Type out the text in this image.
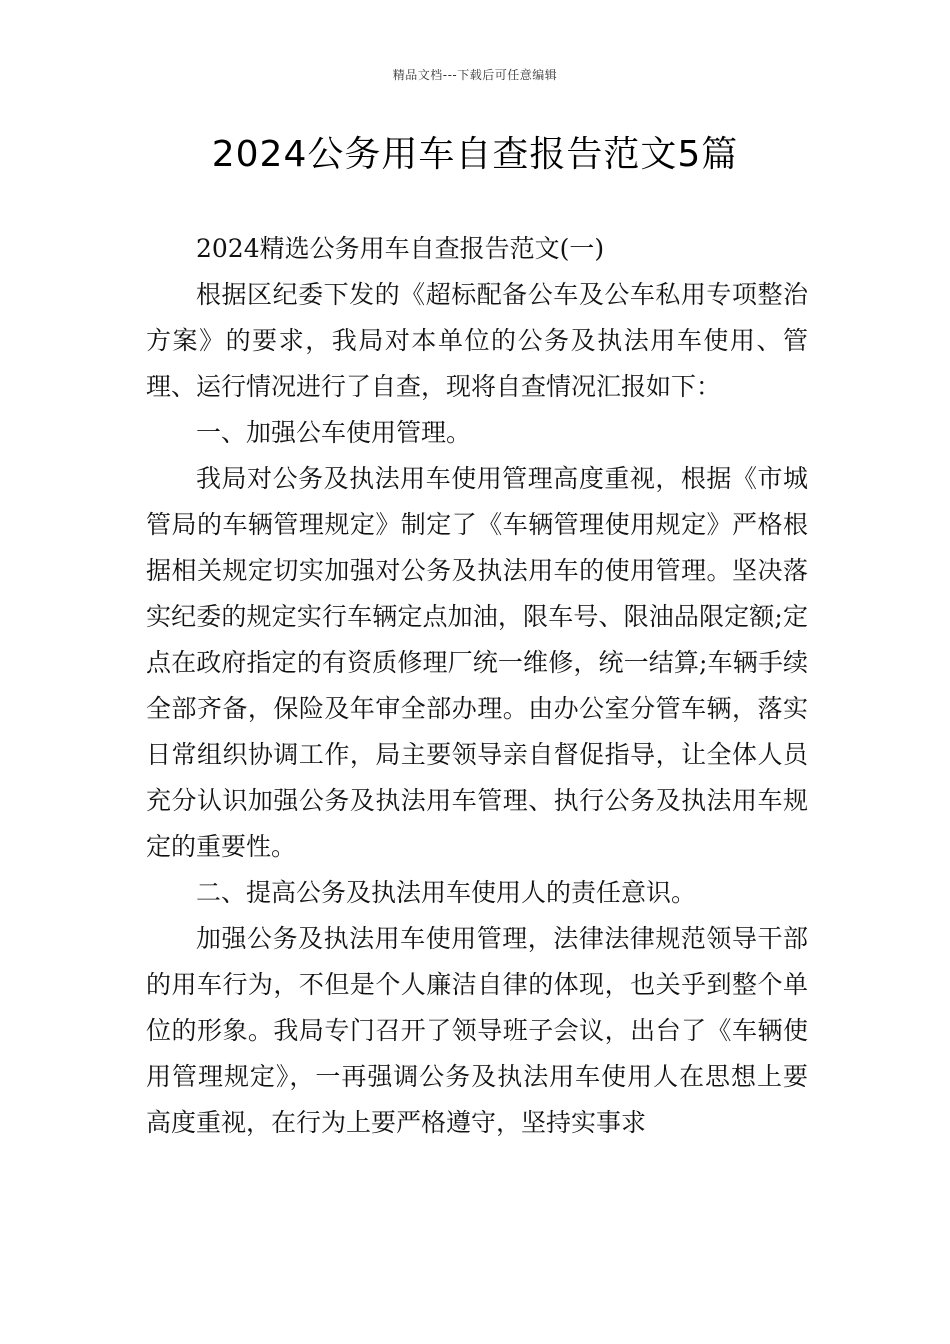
精品文档---下载后可任意编辑
2024公务用车自查报告范文5篇

2024精选公务用车自查报告范文(一)

根据区纪委下发的《超标配备公车及公车私用专项整治方案》的要求，我局对本单位的公务及执法用车使用、管理、运行情况进行了自查，现将自查情况汇报如下：

一、加强公车使用管理。

我局对公务及执法用车使用管理高度重视，根据《市城管局的车辆管理规定》制定了《车辆管理使用规定》严格根据相关规定切实加强对公务及执法用车的使用管理。坚决落实纪委的规定实行车辆定点加油，限车号、限油品限定额;定点在政府指定的有资质修理厂统一维修，统一结算;车辆手续全部齐备，保险及年审全部办理。由办公室分管车辆，落实日常组织协调工作，局主要领导亲自督促指导，让全体人员充分认识加强公务及执法用车管理、执行公务及执法用车规定的重要性。

二、提高公务及执法用车使用人的责任意识。

加强公务及执法用车使用管理，法律法律规范领导干部的用车行为，不但是个人廉洁自律的体现，也关乎到整个单位的形象。我局专门召开了领导班子会议，出台了《车辆使用管理规定》，一再强调公务及执法用车使用人在思想上要高度重视，在行为上要严格遵守，坚持实事求
